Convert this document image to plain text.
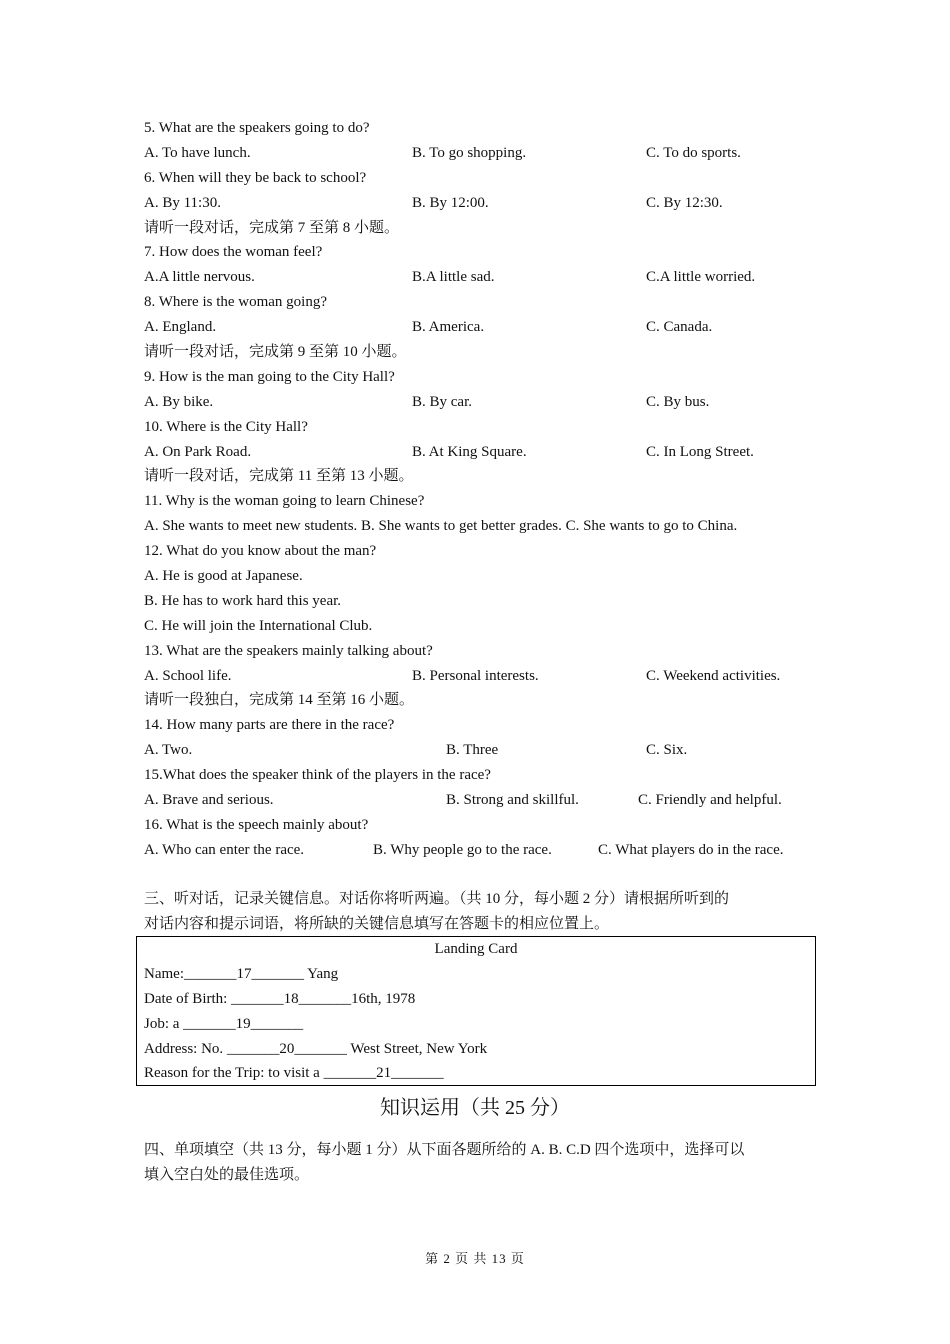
5. What are the speakers going to do?
A. To have lunch.	B. To go shopping.	C. To do sports.
6. When will they be back to school?
A. By 11:30.	B. By 12:00.	C. By 12:30.
请听一段对话，完成第 7 至第 8 小题。
7. How does the woman feel?
A.A little nervous.	B.A little sad.	C.A little worried.
8. Where is the woman going?
A. England.	B. America.	C. Canada.
请听一段对话，完成第 9 至第 10 小题。
9. How is the man going to the City Hall?
A. By bike.	B. By car.	C. By bus.
10. Where is the City Hall?
A. On Park Road.	B. At King Square.	C. In Long Street.
请听一段对话，完成第 11 至第 13 小题。
11. Why is the woman going to learn Chinese?
A. She wants to meet new students. B. She wants to get better grades. C. She wants to go to China.
12. What do you know about the man?
A. He is good at Japanese.
B. He has to work hard this year.
C. He will join the International Club.
13. What are the speakers mainly talking about?
A. School life.	B. Personal interests.	C. Weekend activities.
请听一段独白，完成第 14 至第 16 小题。
14. How many parts are there in the race?
A. Two.	B. Three	C. Six.
15.What does the speaker think of the players in the race?
A. Brave and serious.	B. Strong and skillful.	C. Friendly and helpful.
16. What is the speech mainly about?
A. Who can enter the race.	B. Why people go to the race.	C. What players do in the race.
三、听对话，记录关键信息。对话你将听两遍。（共 10 分，每小题 2 分）请根据所听到的
对话内容和提示词语，将所缺的关键信息填写在答题卡的相应位置上。
Landing Card
Name:_______17_______ Yang
Date of Birth: _______18_______16th, 1978
Job: a _______19_______
Address: No. _______20_______ West Street, New York
Reason for the Trip: to visit a _______21_______
知识运用（共 25 分）
四、单项填空（共 13 分，每小题 1 分）从下面各题所给的 A. B. C.D 四个选项中，选择可以
填入空白处的最佳选项。
第 2 页 共 13 页
